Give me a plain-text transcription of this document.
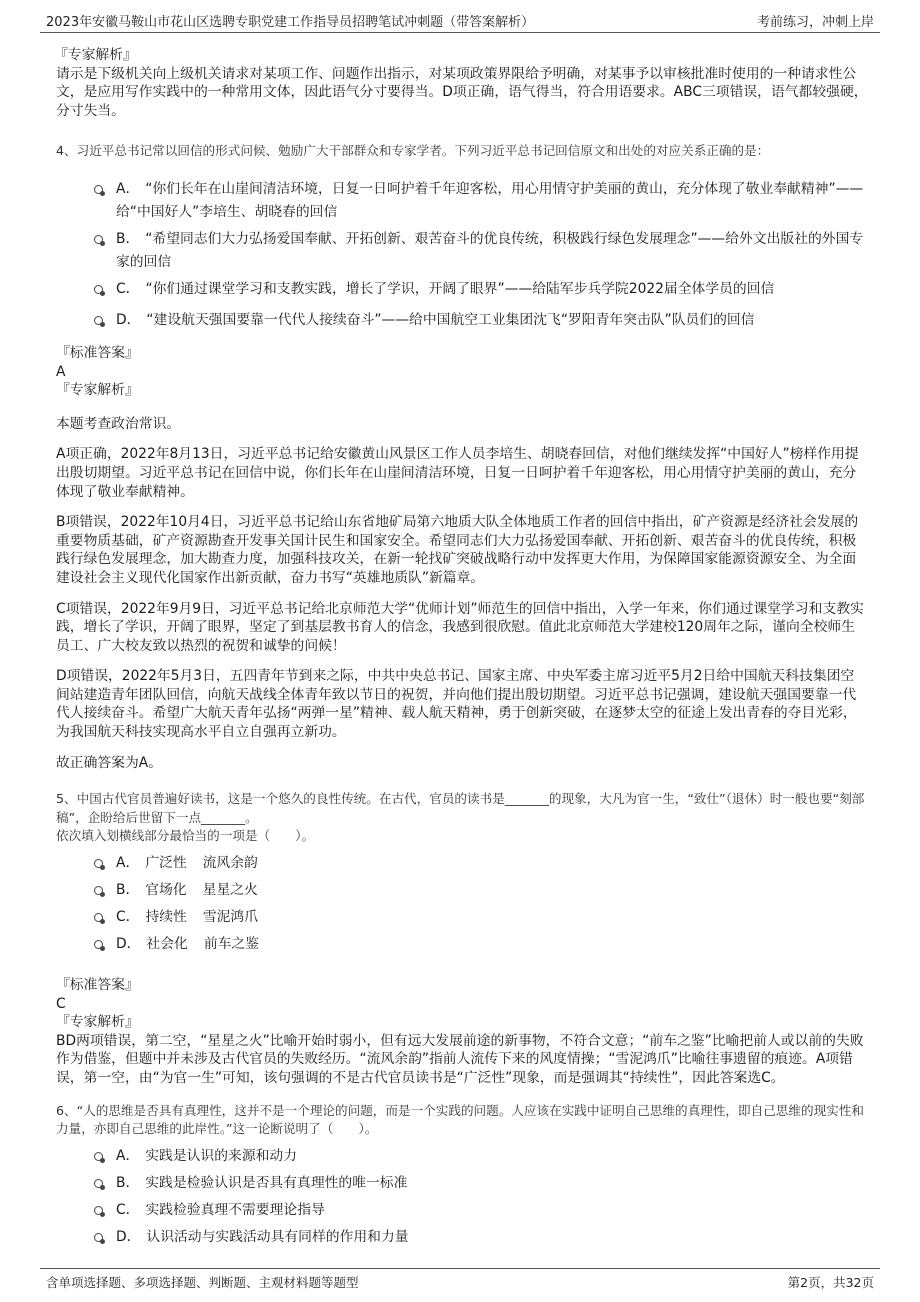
2023年安徽马鞍山市花山区选聘专职党建工作指导员招聘笔试冲刺题（带答案解析）	考前练习，冲刺上岸

『专家解析』

请示是下级机关向上级机关请求对某项工作、问题作出指示，对某项政策界限给予明确，对某事予以审核批准时使用的一种请求性公文，是应用写作实践中的一种常用文体，因此语气分寸要得当。D项正确，语气得当，符合用语要求。ABC三项错误，语气都较强硬，分寸失当。

4、习近平总书记常以回信的形式问候、勉励广大干部群众和专家学者。下列习近平总书记回信原文和出处的对应关系正确的是：

A． “你们长年在山崖间清洁环境，日复一日呵护着千年迎客松，用心用情守护美丽的黄山，充分体现了敬业奉献精神”——给“中国好人”李培生、胡晓春的回信

B． “希望同志们大力弘扬爱国奉献、开拓创新、艰苦奋斗的优良传统，积极践行绿色发展理念”——给外文出版社的外国专家的回信

C． “你们通过课堂学习和支教实践，增长了学识，开阔了眼界”——给陆军步兵学院2022届全体学员的回信

D． “建设航天强国要靠一代代人接续奋斗”——给中国航空工业集团沈飞“罗阳青年突击队”队员们的回信

『标准答案』

A

『专家解析』

本题考查政治常识。

A项正确，2022年8月13日，习近平总书记给安徽黄山风景区工作人员李培生、胡晓春回信，对他们继续发挥“中国好人”榜样作用提出殷切期望。习近平总书记在回信中说，你们长年在山崖间清洁环境，日复一日呵护着千年迎客松，用心用情守护美丽的黄山，充分体现了敬业奉献精神。

B项错误，2022年10月4日，习近平总书记给山东省地矿局第六地质大队全体地质工作者的回信中指出，矿产资源是经济社会发展的重要物质基础，矿产资源勘查开发事关国计民生和国家安全。希望同志们大力弘扬爱国奉献、开拓创新、艰苦奋斗的优良传统，积极践行绿色发展理念，加大勘查力度，加强科技攻关，在新一轮找矿突破战略行动中发挥更大作用，为保障国家能源资源安全、为全面建设社会主义现代化国家作出新贡献，奋力书写“英雄地质队”新篇章。

C项错误，2022年9月9日，习近平总书记给北京师范大学“优师计划”师范生的回信中指出，入学一年来，你们通过课堂学习和支教实践，增长了学识，开阔了眼界，坚定了到基层教书育人的信念，我感到很欣慰。值此北京师范大学建校120周年之际，谨向全校师生员工、广大校友致以热烈的祝贺和诚挚的问候！

D项错误，2022年5月3日，五四青年节到来之际，中共中央总书记、国家主席、中央军委主席习近平5月2日给中国航天科技集团空间站建造青年团队回信，向航天战线全体青年致以节日的祝贺，并向他们提出殷切期望。习近平总书记强调，建设航天强国要靠一代代人接续奋斗。希望广大航天青年弘扬“两弹一星”精神、载人航天精神，勇于创新突破，在逐梦太空的征途上发出青春的夺目光彩，为我国航天科技实现高水平自立自强再立新功。

故正确答案为A。

5、中国古代官员普遍好读书，这是一个悠久的良性传统。在古代，官员的读书是_______的现象，大凡为官一生，“致仕”（退休）时一般也要“刻部稿”，企盼给后世留下一点_______。

依次填入划横线部分最恰当的一项是（　　）。

A． 广泛性 流风余韵

B． 官场化 星星之火

C． 持续性 雪泥鸿爪

D． 社会化 前车之鉴

『标准答案』

C

『专家解析』

BD两项错误，第二空，“星星之火”比喻开始时弱小，但有远大发展前途的新事物，不符合文意；“前车之鉴”比喻把前人或以前的失败作为借鉴，但题中并未涉及古代官员的失败经历。“流风余韵”指前人流传下来的风度情操；“雪泥鸿爪”比喻往事遗留的痕迹。A项错误，第一空，由“为官一生”可知，该句强调的不是古代官员读书是“广泛性”现象，而是强调其“持续性”，因此答案选C。

6、“人的思维是否具有真理性，这并不是一个理论的问题，而是一个实践的问题。人应该在实践中证明自己思维的真理性，即自己思维的现实性和力量，亦即自己思维的此岸性。”这一论断说明了（　　）。

A． 实践是认识的来源和动力

B． 实践是检验认识是否具有真理性的唯一标准

C． 实践检验真理不需要理论指导

D． 认识活动与实践活动具有同样的作用和力量

含单项选择题、多项选择题、判断题、主观材料题等题型	第2页，共32页
